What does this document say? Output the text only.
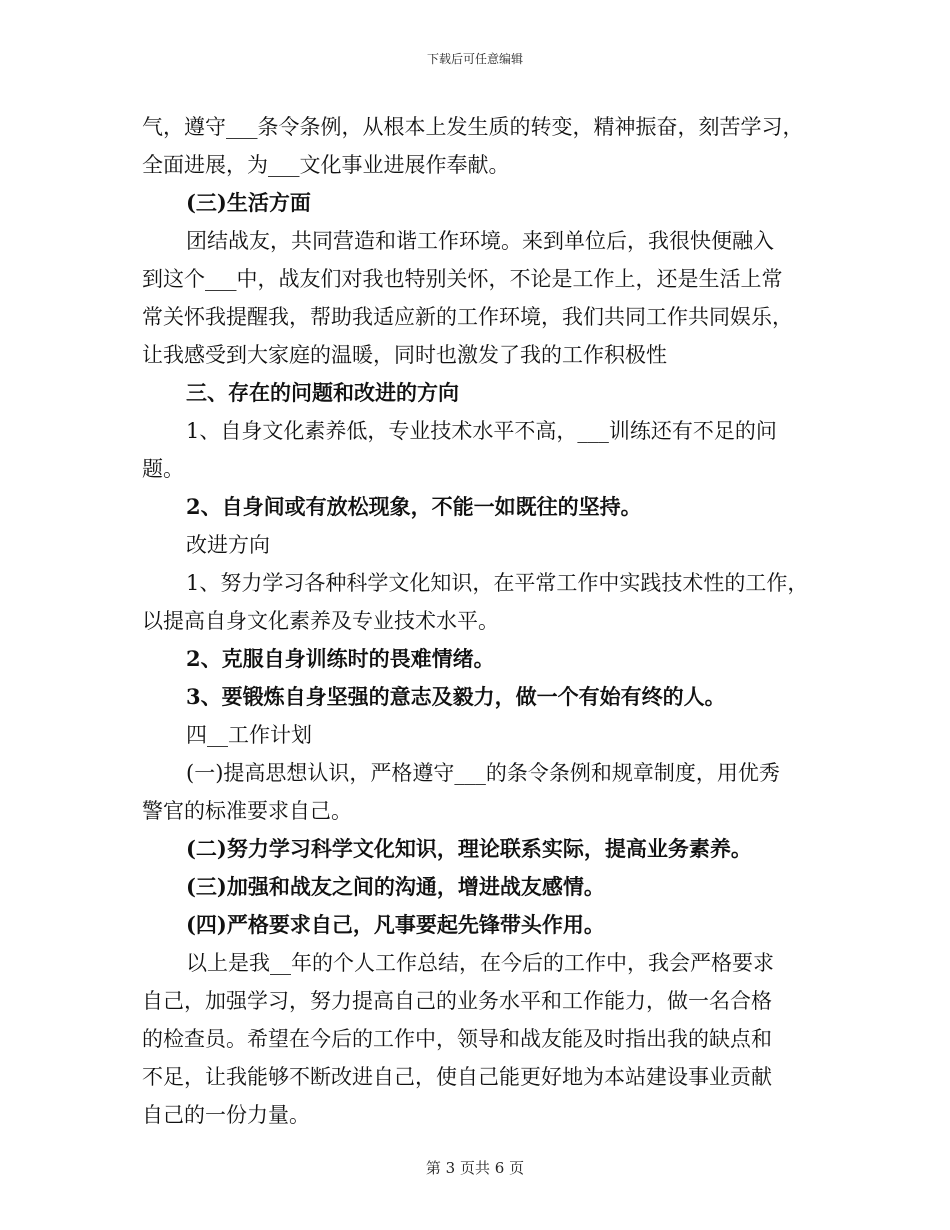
下载后可任意编辑

气，遵守___条令条例，从根本上发生质的转变，精神振奋，刻苦学习，

全面进展，为___文化事业进展作奉献。

(三)生活方面

团结战友，共同营造和谐工作环境。来到单位后，我很快便融入

到这个___中，战友们对我也特别关怀，不论是工作上，还是生活上常

常关怀我提醒我，帮助我适应新的工作环境，我们共同工作共同娱乐，

让我感受到大家庭的温暖，同时也激发了我的工作积极性

三、存在的问题和改进的方向

1、自身文化素养低，专业技术水平不高，___训练还有不足的问

题。

2、自身间或有放松现象，不能一如既往的坚持。

改进方向

1、努力学习各种科学文化知识，在平常工作中实践技术性的工作，

以提高自身文化素养及专业技术水平。

2、克服自身训练时的畏难情绪。

3、要锻炼自身坚强的意志及毅力，做一个有始有终的人。

四__工作计划

(一)提高思想认识，严格遵守___的条令条例和规章制度，用优秀

警官的标准要求自己。

(二)努力学习科学文化知识，理论联系实际，提高业务素养。

(三)加强和战友之间的沟通，增进战友感情。

(四)严格要求自己，凡事要起先锋带头作用。

以上是我__年的个人工作总结，在今后的工作中，我会严格要求

自己，加强学习，努力提高自己的业务水平和工作能力，做一名合格

的检查员。希望在今后的工作中，领导和战友能及时指出我的缺点和

不足，让我能够不断改进自己，使自己能更好地为本站建设事业贡献

自己的一份力量。

第 3 页共 6 页
